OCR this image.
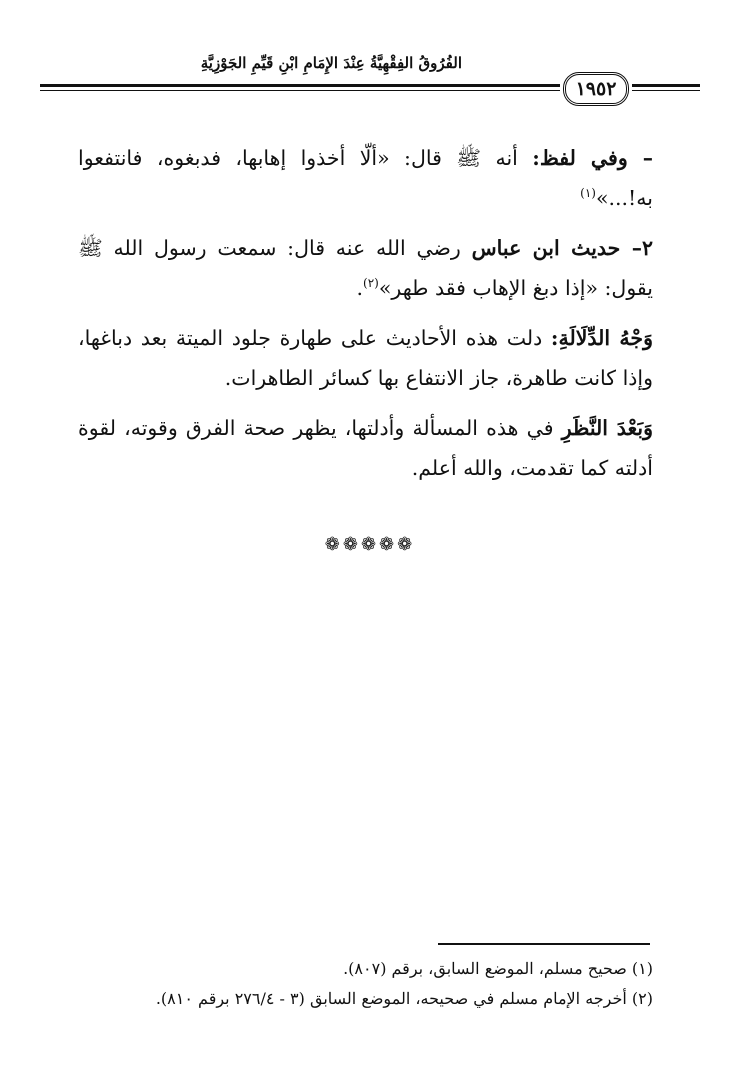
الفُرُوقُ الفِقْهِيَّةُ عِنْدَ الإِمَامِ ابْنِ قَيِّمِ الجَوْزِيَّةِ
١٩٥٢

– وفي لفظ: أنه ﷺ قال: «ألّا أخذوا إهابها، فدبغوه، فانتفعوا به!...»$^{(١)}$

٢– حديث ابن عباس رضي الله عنه قال: سمعت رسول الله ﷺ يقول: «إذا دبغ الإهاب فقد طهر»$^{(٢)}$.

وَجْهُ الدِّلَالَةِ: دلت هذه الأحاديث على طهارة جلود الميتة بعد دباغها، وإذا كانت طاهرة، جاز الانتفاع بها كسائر الطاهرات.

وَبَعْدَ النَّظَرِ في هذه المسألة وأدلتها، يظهر صحة الفرق وقوته، لقوة أدلته كما تقدمت، والله أعلم.

❁❁❁❁❁
(١) صحيح مسلم، الموضع السابق، برقم (٨٠٧).
(٢) أخرجه الإمام مسلم في صحيحه، الموضع السابق (٣ - ٢٧٦/٤ برقم ٨١٠).
